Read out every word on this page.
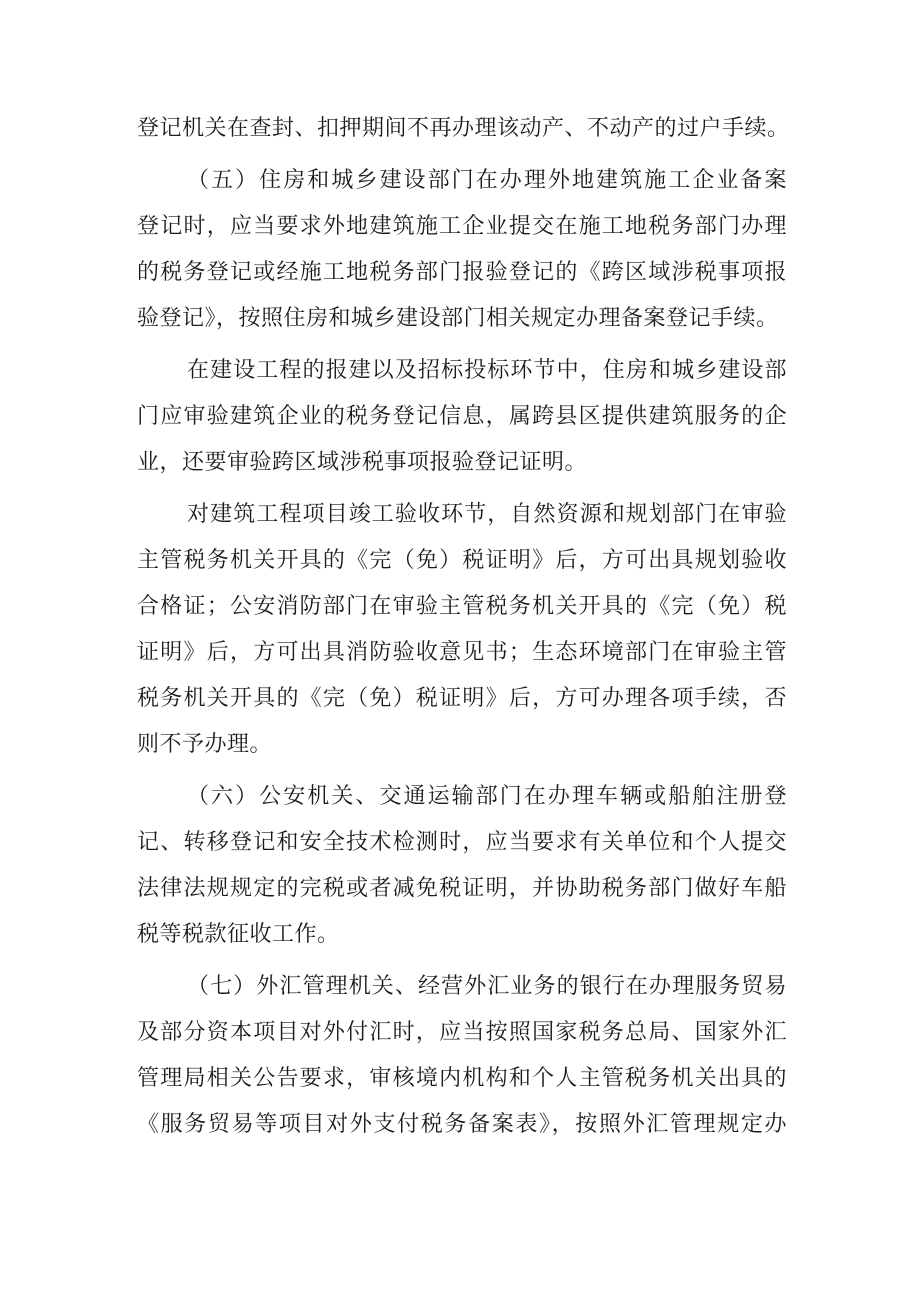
登记机关在查封、扣押期间不再办理该动产、不动产的过户手续。
（五）住房和城乡建设部门在办理外地建筑施工企业备案
登记时，应当要求外地建筑施工企业提交在施工地税务部门办理
的税务登记或经施工地税务部门报验登记的《跨区域涉税事项报
验登记》，按照住房和城乡建设部门相关规定办理备案登记手续。
在建设工程的报建以及招标投标环节中，住房和城乡建设部
门应审验建筑企业的税务登记信息，属跨县区提供建筑服务的企
业，还要审验跨区域涉税事项报验登记证明。
对建筑工程项目竣工验收环节，自然资源和规划部门在审验
主管税务机关开具的《完（免）税证明》后，方可出具规划验收
合格证；公安消防部门在审验主管税务机关开具的《完（免）税
证明》后，方可出具消防验收意见书；生态环境部门在审验主管
税务机关开具的《完（免）税证明》后，方可办理各项手续，否
则不予办理。
（六）公安机关、交通运输部门在办理车辆或船舶注册登
记、转移登记和安全技术检测时，应当要求有关单位和个人提交
法律法规规定的完税或者减免税证明，并协助税务部门做好车船
税等税款征收工作。
（七）外汇管理机关、经营外汇业务的银行在办理服务贸易
及部分资本项目对外付汇时，应当按照国家税务总局、国家外汇
管理局相关公告要求，审核境内机构和个人主管税务机关出具的
《服务贸易等项目对外支付税务备案表》，按照外汇管理规定办
